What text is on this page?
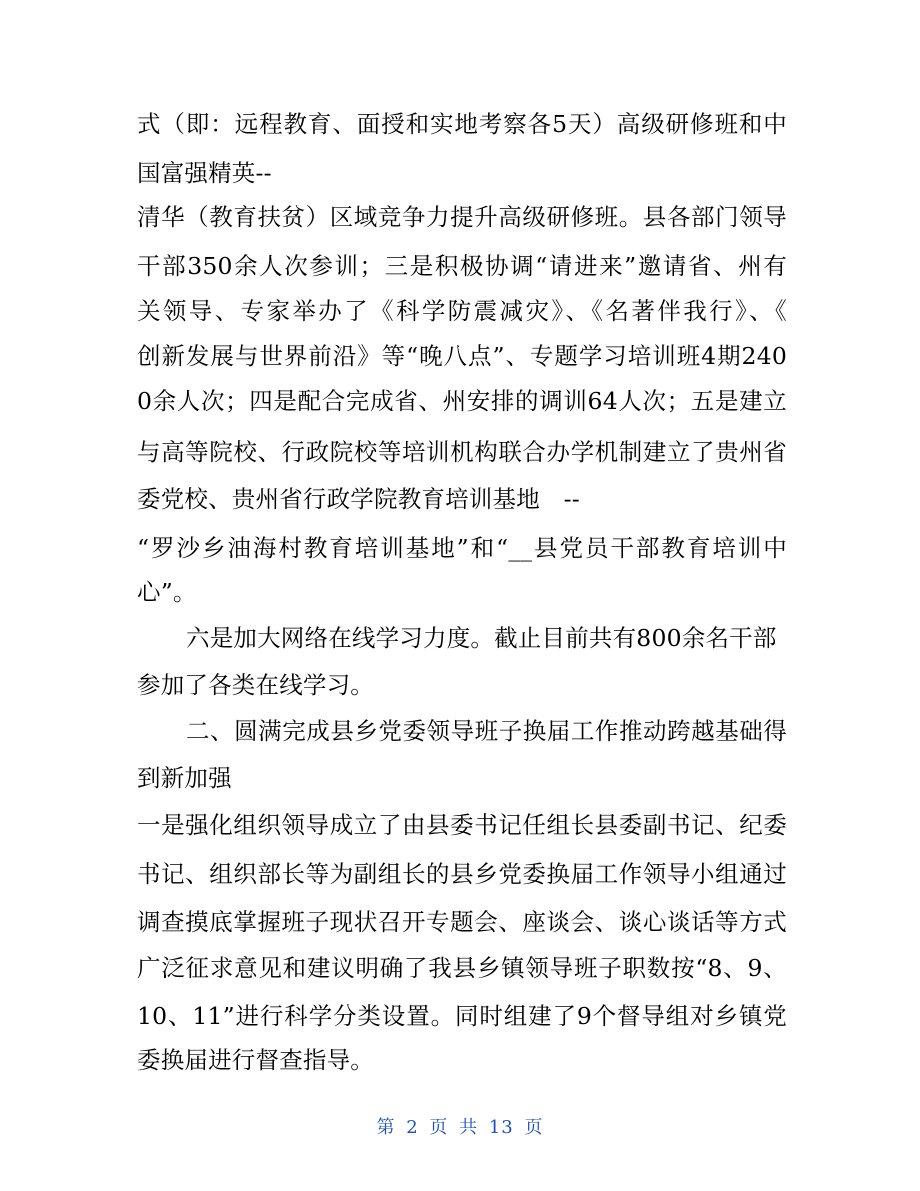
式（即：远程教育、面授和实地考察各5天）高级研修班和中
国富强精英--
清华（教育扶贫）区域竞争力提升高级研修班。县各部门领导
干部350余人次参训；三是积极协调“请进来”邀请省、州有
关领导、专家举办了《科学防震减灾》、《名著伴我行》、《
创新发展与世界前沿》等“晚八点”、专题学习培训班4期240
0余人次；四是配合完成省、州安排的调训64人次；五是建立
与高等院校、行政院校等培训机构联合办学机制建立了贵州省
委党校、贵州省行政学院教育培训基地　--
“罗沙乡油海村教育培训基地”和“__县党员干部教育培训中
心”。
六是加大网络在线学习力度。截止目前共有800余名干部
参加了各类在线学习。
二、圆满完成县乡党委领导班子换届工作推动跨越基础得
到新加强
一是强化组织领导成立了由县委书记任组长县委副书记、纪委
书记、组织部长等为副组长的县乡党委换届工作领导小组通过
调查摸底掌握班子现状召开专题会、座谈会、谈心谈话等方式
广泛征求意见和建议明确了我县乡镇领导班子职数按“8、9、
10、11”进行科学分类设置。同时组建了9个督导组对乡镇党
委换届进行督查指导。
第 2 页 共 13 页
